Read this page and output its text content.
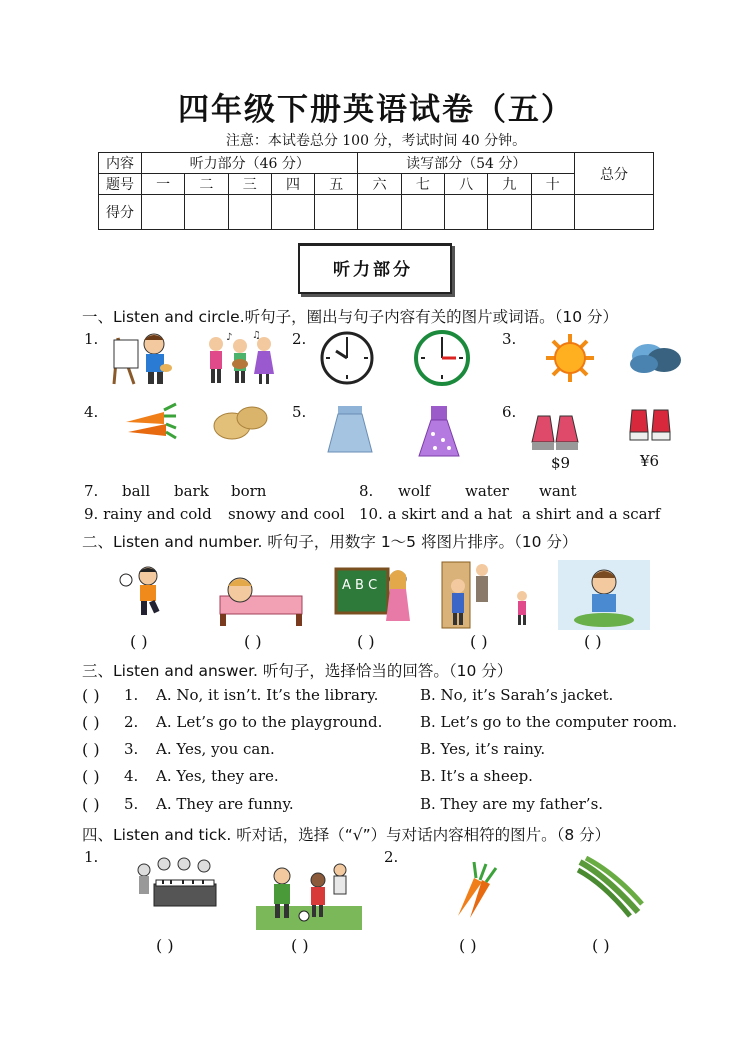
四年级下册英语试卷（五）
注意：本试卷总分 100 分，考试时间 40 分钟。
内容	听力部分（46 分）					读写部分（54 分）					总分
题号	一	二	三	四	五	六	七	八	九	十	
得分											
听力部分
一、Listen and circle.听句子，圈出与句子内容有关的图片或词语。（10 分）
1.	2.	3.
4.	5.	6.
♪ ♫
$9	¥6
7. ball bark born	8. wolf water want
9. rainy and cold snowy and cool 10. a skirt and a hat a shirt and a scarf
二、Listen and number. 听句子，用数字 1～5 将图片排序。（10 分）
A B C
( )	( )	( )	( )	( )
三、Listen and answer. 听句子，选择恰当的回答。（10 分）
( ) 1. A. No, it isn’t. It’s the library.	B. No, it’s Sarah’s jacket.
( ) 2. A. Let’s go to the playground.	B. Let’s go to the computer room.
( ) 3. A. Yes, you can.	B. Yes, it’s rainy.
( ) 4. A. Yes, they are.	B. It’s a sheep.
( ) 5. A. They are funny.	B. They are my father’s.
四、Listen and tick. 听对话，选择（“√”）与对话内容相符的图片。（8 分）
1.	2.
( )	( )	( )	( )
